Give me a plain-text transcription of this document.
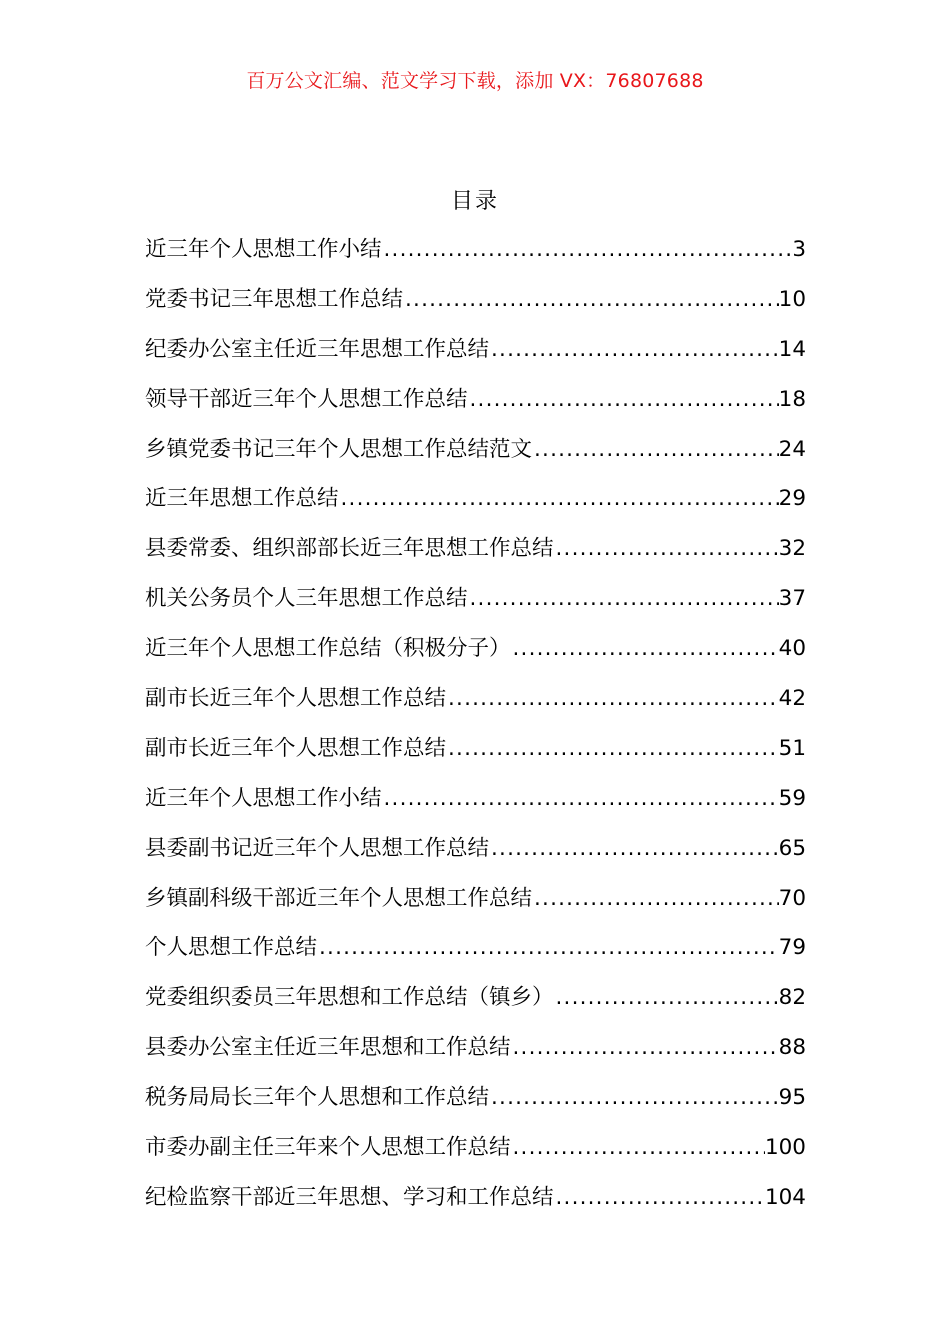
百万公文汇编、范文学习下载，添加 VX：76807688
目录
近三年个人思想工作小结 .....	3
党委书记三年思想工作总结 .....	10
纪委办公室主任近三年思想工作总结 .....	14
领导干部近三年个人思想工作总结 .....	18
乡镇党委书记三年个人思想工作总结范文 .....	24
近三年思想工作总结 .....	29
县委常委、组织部部长近三年思想工作总结 .....	32
机关公务员个人三年思想工作总结 .....	37
近三年个人思想工作总结（积极分子） .....	40
副市长近三年个人思想工作总结 .....	42
副市长近三年个人思想工作总结 .....	51
近三年个人思想工作小结 .....	59
县委副书记近三年个人思想工作总结 .....	65
乡镇副科级干部近三年个人思想工作总结 .....	70
个人思想工作总结 .....	79
党委组织委员三年思想和工作总结（镇乡） .....	82
县委办公室主任近三年思想和工作总结 .....	88
税务局局长三年个人思想和工作总结 .....	95
市委办副主任三年来个人思想工作总结 .....	100
纪检监察干部近三年思想、学习和工作总结 .....	104
